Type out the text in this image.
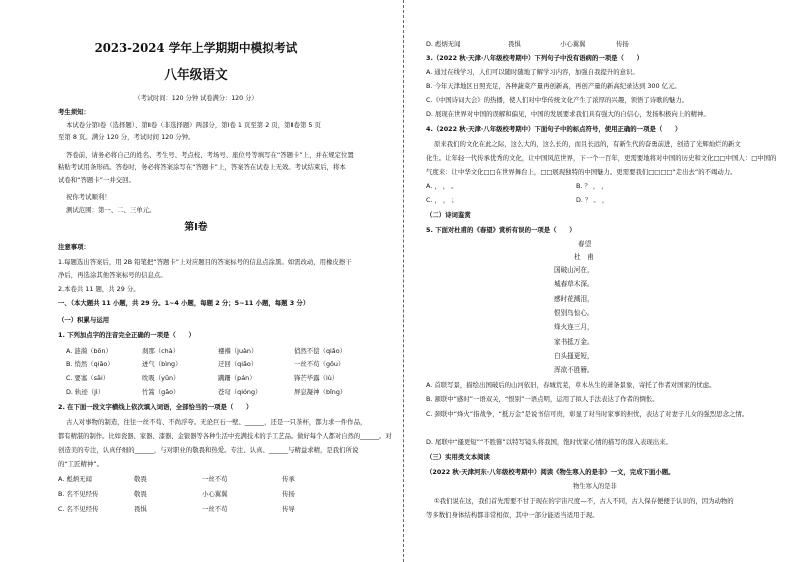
2023-2024 学年上学期期中模拟考试
八年级语文
（考试时间：120 分钟 试卷满分：120 分）
考生须知：
本试卷分第Ⅰ卷（选择题）、第Ⅱ卷（非选择题）两部分，第Ⅰ卷 1 页至第 2 页，第Ⅱ卷第 5 页
至第 8 页。满分 120 分，考试时间 120 分钟。
答卷前，请务必将自己的姓名、考生号、考点校、考场号、座位号等填写在“答题卡”上，并在规定位置
粘贴考试用条形码。答卷时，务必将答案涂写在“答题卡”上，答案答在试卷上无效。考试结束后，将本
试卷和“答题卡”一并交回。
祝你考试顺利！
测试范围：第一、二、三单元。
第Ⅰ卷
注意事项：
1.每题选出答案后，用 2B 铅笔把“答题卡”上对应题目的答案标号的信息点涂黑。如需改动，用橡皮擦干
净后，再选涂其他答案标号的信息点。
2.本卷共 11 题，共 29 分。
一、（本大题共 11 小题，共 29 分。1~4 小题，每题 2 分；5~11 小题，每题 3 分）
（一）积累与运用
1. 下列加点字的注音完全正确的一项是（　　）
A. 涟漪（bōn）	刹那（chà）	襁褓（juàn）	俏然不偿（qiǎo）
B. 悄然（qiǎo）	迸气（bìng）	迂回（qiǎo）	一丝不苟（gǒu）
C. 要塞（sāi）	吮吸（yǔn）	蹒跚（pán）	锋芒毕露（lù）
D. 轨迹（jì）	竹篙（gāo）	苍穹（qióng）	屏息凝神（bǐng）
2. 在下面一段文字横线上依次填入词语，全部恰当的一项是（　　）
古人对事物的制造，往往一丝不苟、不尚浮夸。无论巨石一壁、______，还是一只茶杯，都力求一件作品，
都有精湛的制作。比如瓷器、家器、漆器、金银器等各种生活中充满技术的手工艺品。做好每个人都对自然的______。对
创造美的专注，认真仔细的______，与对职业的敬畏和热爱。专注、认真、______与精益求精，是我们所说
的“工匠精神”。
A. 彪炳无闻	敬畏	一丝不苟	传承
B. 名不见经传	敬畏	小心翼翼	传扬
C. 名不见经传	畏惧	一丝不苟	传导
D. 彪炳无闻	畏惧	小心翼翼	传扬
3.（2022 秋·天津·八年级校考期中）下列句子中没有语病的一项是（　　）
A. 通过在线学习，人们可以随时随地了解学习内容，加强自我提升的意识。
B. 今年天津地区日照充足，各种蔬菜产量再创新高，再创产量的新高纪录达到 300 亿元。
C.《中国诗词大会》的热播，使人们对中华传统文化产生了浓厚的兴趣，领悟了诗歌的魅力。
D. 展现在世界对中国的误解和偏见，中国的发展要求我们具有强大的自信心，发扬积极向上的精神。
4.（2022 秋·天津·八年级校考期中）下面句子中的标点符号，使用正确的一项是（　　）
原来我们的文化在此之际，这么大的，这么长的，而且长远的，有新生代的奋勇前进，创造了光辉灿烂的新文
化生。让年轻一代传承优秀的文化，让中国风范世界，下一个一百年，更需要地将对中国的历史和文化□□中国人：□中国的
气度来：让中华文化□□在世界舞台上，□□展现独特的中国魅力。更需要我们□□□□“走出去”的不竭动力。
A. ， ， 。	B. ？ ， ，
C. ， ， ；	D. ？ 。 ，
（二）诗词鉴赏
5. 下面对杜甫的《春望》赏析有误的一项是（　　）
春望
杜　甫
国破山河在，
城春草木深。
感时花溅泪，
恨别鸟惊心。
烽火连三月，
家书抵万金。
白头搔更短，
浑欲不胜簪。
A. 首联写景，描绘出国破后的山河依旧，春城荒芜，草木丛生的萧条景象，寄托了作者对国家的忧虑。
B. 颔联中“感时”一语双关，“恨别”一语点明，运用了拟人手法表达了作者的惆怅。
C. 颈联中“烽火”指战争，“抵万金”是说书信可贵，彰显了对当时家事的担忧，表达了对妻子儿女的强烈思念之情。
D. 尾联中“搔更短”“不胜簪”以特写镜头将我国，饱时忧家心情的描写的深入表现出来。
（三）实用类文本阅读
（2022 秋·天津河东·八年级校考期中）阅读《物生寒入的是非》一文，完成下面小题。
物生寒入的是非
①我们说在这，我们首先需要不甘于现在的宇宙尺度—不，古人不同，古人保存便便于认识的，因为动物的
等多数们身体结构都非常相似，其中一部分能适当适用于现。
